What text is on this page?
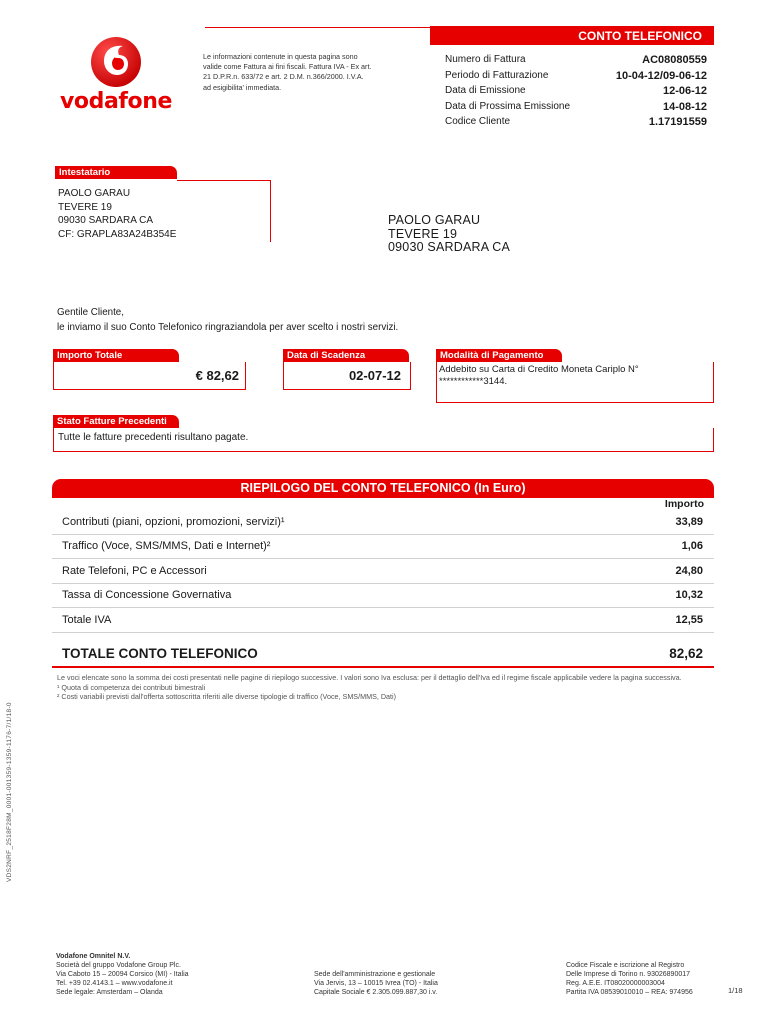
vodafone
Le informazioni contenute in questa pagina sono valide come Fattura ai fini fiscali. Fattura IVA - Ex art. 21 D.P.R.n. 633/72 e art. 2 D.M. n.366/2000. I.V.A. ad esigibilita' immediata.
CONTO TELEFONICO
Numero di Fattura	AC08080559
Periodo di Fatturazione	10-04-12/09-06-12
Data di Emissione	12-06-12
Data di Prossima Emissione	14-08-12
Codice Cliente	1.17191559
Intestatario
PAOLO GARAU
TEVERE 19
09030 SARDARA CA
CF: GRAPLA83A24B354E
PAOLO GARAU
TEVERE 19
09030 SARDARA CA
Gentile Cliente,
le inviamo il suo Conto Telefonico ringraziandola per aver scelto i nostri servizi.
Importo Totale
€ 82,62
Data di Scadenza
02-07-12
Modalità di Pagamento
Addebito su Carta di Credito Moneta Cariplo N° ************3144.
Stato Fatture Precedenti
Tutte le fatture precedenti risultano pagate.
RIEPILOGO DEL CONTO TELEFONICO (In Euro)
Importo
Contributi (piani, opzioni, promozioni, servizi)¹	33,89
Traffico (Voce, SMS/MMS, Dati e Internet)²	1,06
Rate Telefoni, PC e Accessori	24,80
Tassa di Concessione Governativa	10,32
Totale IVA	12,55
TOTALE CONTO TELEFONICO	82,62
Le voci elencate sono la somma dei costi presentati nelle pagine di riepilogo successive. I valori sono Iva esclusa: per il dettaglio dell'Iva ed il regime fiscale applicabile vedere la pagina successiva.
¹ Quota di competenza dei contributi bimestrali
² Costi variabili previsti dall'offerta sottoscritta riferiti alle diverse tipologie di traffico (Voce, SMS/MMS, Dati)
VDS2NRF_2518F28M_0001-001359-1359-1176-7/1/18-0
Vodafone Omnitel N.V.
Società del gruppo Vodafone Group Plc.
Via Caboto 15 – 20094 Corsico (MI) - Italia
Tel. +39 02.4143.1 – www.vodafone.it
Sede legale: Amsterdam – Olanda
Sede dell'amministrazione e gestionale
Via Jervis, 13 – 10015 Ivrea (TO) - Italia
Capitale Sociale € 2.305.099.887,30 i.v.
Codice Fiscale e iscrizione al Registro
Delle Imprese di Torino n. 93026890017
Reg. A.E.E. IT08020000003004
Partita IVA 08539010010 – REA: 974956	1/18
